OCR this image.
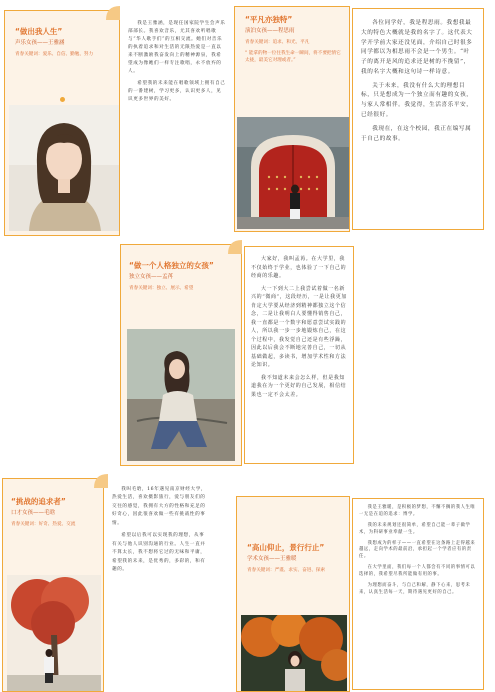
“做出我人生”
声乐女孩——王雅涵
青春关键词：爱乐、自信、勤勉、努力

我是王雅涵，是现任国家院学生会声乐部部长。我喜欢音乐，尤其喜欢听唱歌与“华人歌手们”的互相交流。她们对音乐的执着追求和对生活的无限热爱是一直以来不断激励我奋发向上的精神源泉，我希望成为像她们一样专注歌唱，永不放弃的人。

希望我的未来能在唱歌领域上拥有自己的一番建树，学习更多，认识更多人，见识更多世界的美好。

“平凡亦独特”
演泊女孩——程思雨
青春关键词：追求、和光、平凡
“ 能拿的物一位往我生命一瞬间，将不要把情它太拢，最美它对理或者。”

各位同学好，我是程思雨。我想我最大的特色大概就是我的名字了。这代表大学开学前大家还没见面，介绍自己时很多同学都以为相思雨不会是一个男生。“叶子的离开是风的追求还是树的不挽留”，我的名字大概和这句诗一样诗意。

关于未来，我没有什么大的理想目标，只是想成为一个独立而有趣的女孩，与家人常相伴。我觉得，生活喜乐平安，已经很好。

我现在，在这个校园，我正在编写属于自己的故事。

“做一个人格独立的女孩”
独立女孩——孟苒
青春关键词：独立、展示、希望

大家好，我叫孟苒。在大学里，我不仅始终于学业，也体验了一下自己的经商的乐趣。

大一下到大二上我尝试着做一名新兴的“微商”，这段经历，一是让我更加肯定大学要从经济到精神都独立这个信念，二是让我明白人要懂得销售自己，我一直都是一个数字和愿意尝试实践的人，所以我一步一步地锻炼自己，在这个过程中，我发觉自己还是有些浮躁，因此以后我会不断地完善自己，一切从基础做起，多读书，增加学术性和方法论知识。

我不知道未来会怎么样，但是我知道我在为一个更好的自己发展，相信结果也一定不会太差。

“挑战的追求者”
口才女孩——毛晗
青春关键词：好奇、热爱、交流

我叫毛晗，16年遇见南京财经大学，热爱生活，喜欢摄影旅行，爱与朋友们的交往的感觉，我拥有大方的性格和充足的好奇心，因此很喜欢做一些有挑战性的事情。

希望以后我可以实现我的理想，从事有关与他人识别沟通的行业。人生一直并不算太长，我不想将它过的无味和平庸，希望我的未来，是优秀的，多彩的，和有趣的。

“高山仰止，景行行止”
学术女孩——王雅暖
青春关键词：严谨、求实、奋进、探索

我是王雅暖，是积极的梦想，不懈不搁的我人生唯一无是在追的追求：博学。

我的未来规划还很简单，希望自己能一辈子做学术，为科研事业奉献一生。

我想成为的样子——一直希望在这条路上走得越来越远，走向学术的最前沿，承担起一个学者应有的责任。

在大学里面，我们每一个人都会有不同的事情可以选择的，我希望尽我所能做有用的事。

为理想而奋斗，与自己和解，静下心来，思考未来，认真生活每一天，期待遇见更好的自己。
